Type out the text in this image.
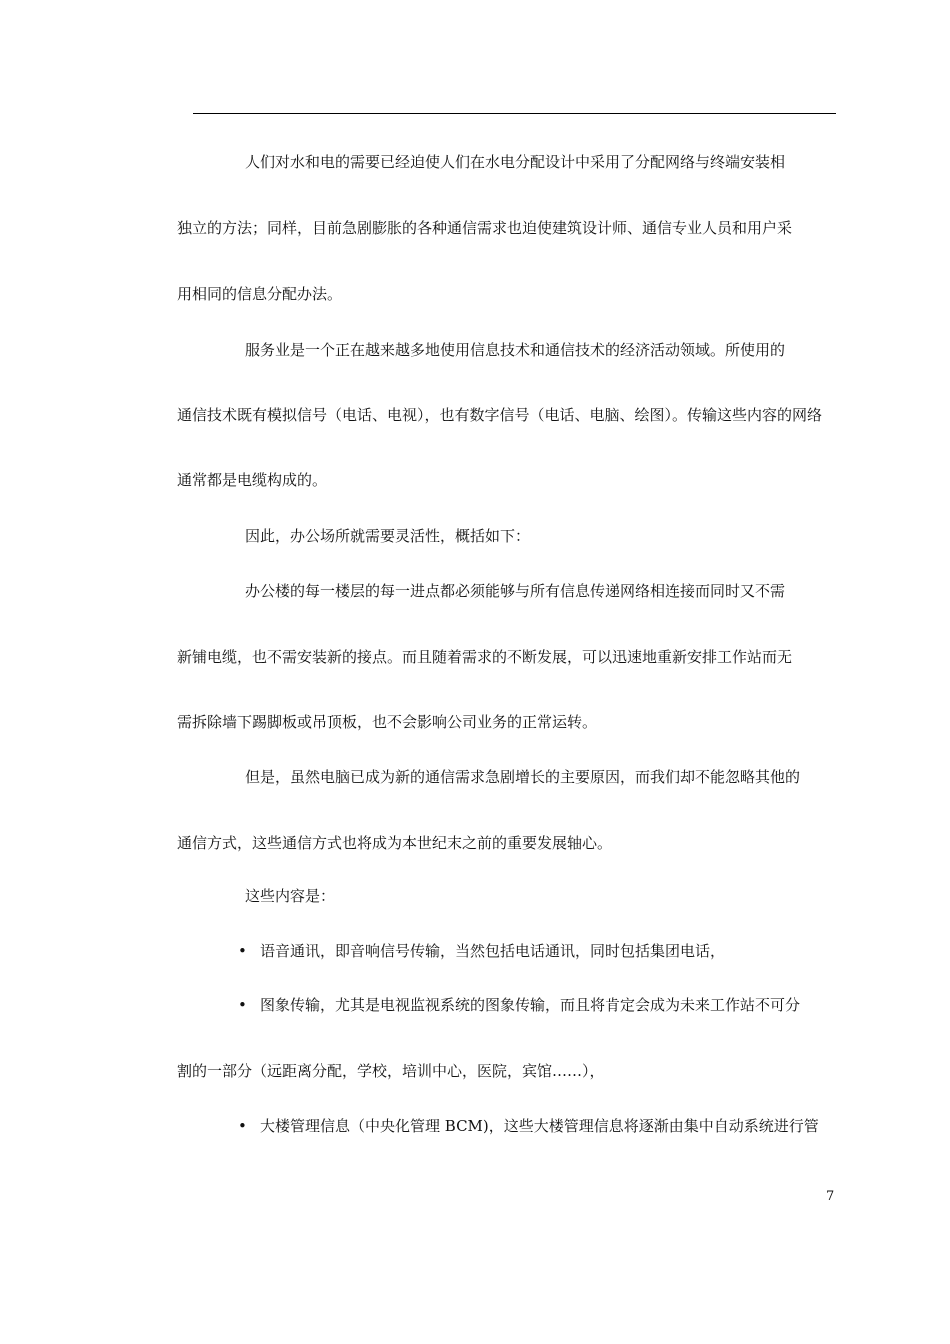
人们对水和电的需要已经迫使人们在水电分配设计中采用了分配网络与终端安装相
独立的方法；同样，目前急剧膨胀的各种通信需求也迫使建筑设计师、通信专业人员和用户采
用相同的信息分配办法。
服务业是一个正在越来越多地使用信息技术和通信技术的经济活动领域。所使用的
通信技术既有模拟信号（电话、电视），也有数字信号（电话、电脑、绘图）。传输这些内容的网络
通常都是电缆构成的。
因此，办公场所就需要灵活性，概括如下：
办公楼的每一楼层的每一进点都必须能够与所有信息传递网络相连接而同时又不需
新铺电缆，也不需安装新的接点。而且随着需求的不断发展，可以迅速地重新安排工作站而无
需拆除墙下踢脚板或吊顶板，也不会影响公司业务的正常运转。
但是，虽然电脑已成为新的通信需求急剧增长的主要原因，而我们却不能忽略其他的
通信方式，这些通信方式也将成为本世纪末之前的重要发展轴心。
这些内容是：
• 语音通讯，即音响信号传输，当然包括电话通讯，同时包括集团电话，
• 图象传输，尤其是电视监视系统的图象传输，而且将肯定会成为未来工作站不可分
割的一部分（远距离分配，学校，培训中心，医院，宾馆……），
• 大楼管理信息（中央化管理 BCM)，这些大楼管理信息将逐渐由集中自动系统进行管
7
